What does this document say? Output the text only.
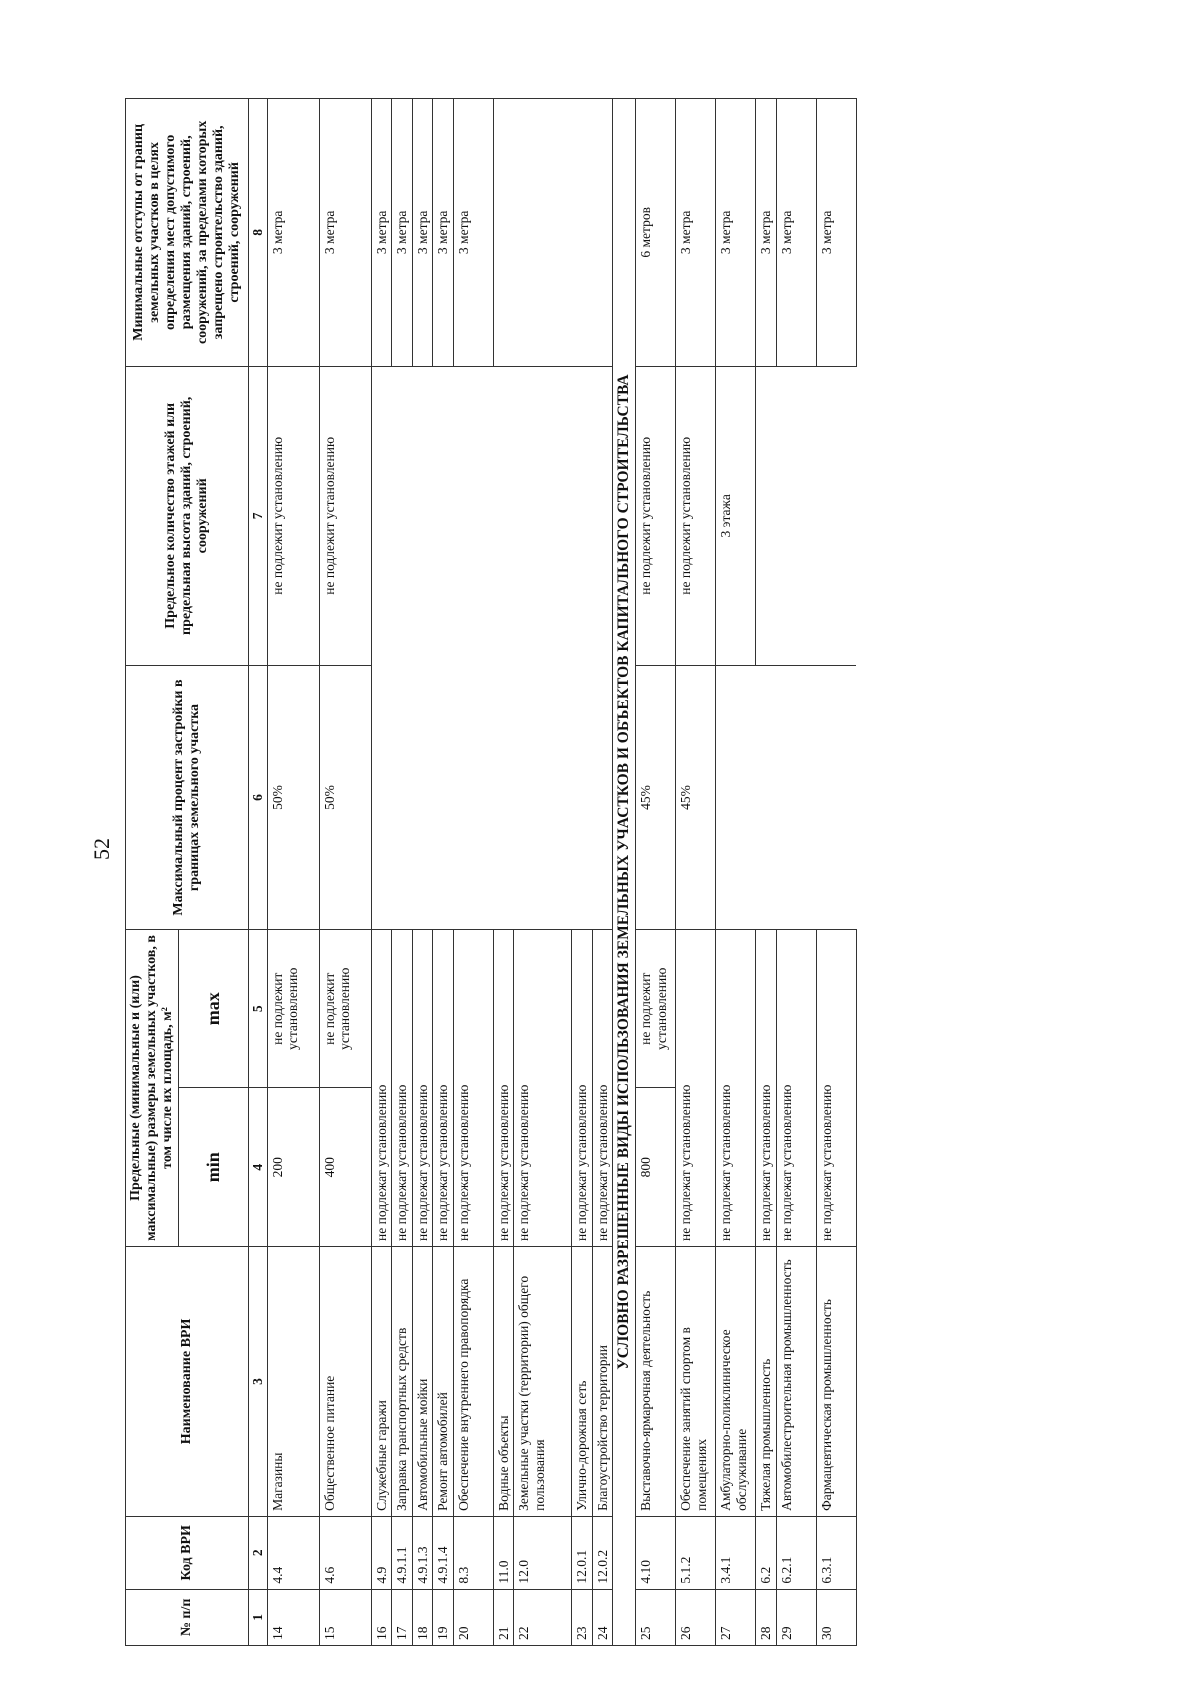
52
№ п/п	Код ВРИ	Наименование ВРИ	Предельные (минимальные и (или) максимальные) размеры земельных участков, в том числе их площадь, м²		Максимальный процент застройки в границах земельного участка	Предельное количество этажей или предельная высота зданий, строений, сооружений	Минимальные отступы от границ земельных участков в целях определения мест допустимого размещения зданий, строений, сооружений, за пределами которых запрещено строительство зданий, строений, сооружений
			min	max			
1	2	3	4	5	6	7	8
14	4.4	Магазины	200	не подлежит установлению	50%	не подлежит установлению	3 метра
15	4.6	Общественное питание	400	не подлежит установлению	50%	не подлежит установлению	3 метра
16	4.9	Служебные гаражи	не подлежат установлению				3 метра
17	4.9.1.1	Заправка транспортных средств	не подлежат установлению				3 метра
18	4.9.1.3	Автомобильные мойки	не подлежат установлению				3 метра
19	4.9.1.4	Ремонт автомобилей	не подлежат установлению				3 метра
20	8.3	Обеспечение внутреннего правопорядка	не подлежат установлению				3 метра
21	11.0	Водные объекты	не подлежат установлению				
22	12.0	Земельные участки (территории) общего пользования	не подлежат установлению				
23	12.0.1	Улично-дорожная сеть	не подлежат установлению				
24	12.0.2	Благоустройство территории	не подлежат установлению				
УСЛОВНО РАЗРЕШЕННЫЕ ВИДЫ ИСПОЛЬЗОВАНИЯ ЗЕМЕЛЬНЫХ УЧАСТКОВ И ОБЪЕКТОВ КАПИТАЛЬНОГО СТРОИТЕЛЬСТВА							
25	4.10	Выставочно-ярмарочная деятельность	800	не подлежит установлению	45%	не подлежит установлению	6 метров
26	5.1.2	Обеспечение занятий спортом в помещениях	не подлежат установлению		45%	не подлежит установлению	3 метра
27	3.4.1	Амбулаторно-поликлиническое обслуживание	не подлежат установлению			3 этажа	3 метра
28	6.2	Тяжелая промышленность	не подлежат установлению				3 метра
29	6.2.1	Автомобилестроительная промышленность	не подлежат установлению				3 метра
30	6.3.1	Фармацевтическая промышленность	не подлежат установлению				3 метра
